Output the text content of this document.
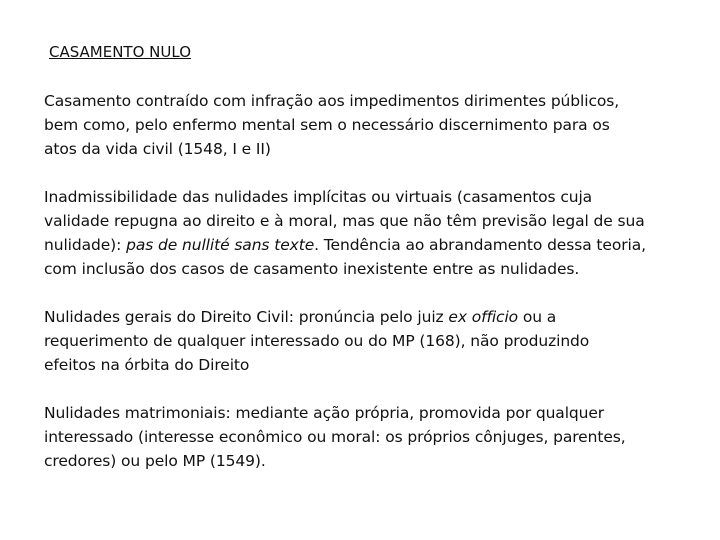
CASAMENTO NULO

Casamento contraído com infração aos impedimentos dirimentes públicos,
bem como, pelo enfermo mental sem o necessário discernimento para os
atos da vida civil (1548, I e II)

Inadmissibilidade das nulidades implícitas ou virtuais (casamentos cuja
validade repugna ao direito e à moral, mas que não têm previsão legal de sua
nulidade): pas de nullité sans texte. Tendência ao abrandamento dessa teoria,
com inclusão dos casos de casamento inexistente entre as nulidades.

Nulidades gerais do Direito Civil: pronúncia pelo juiz ex officio ou a
requerimento de qualquer interessado ou do MP (168), não produzindo
efeitos na órbita do Direito

Nulidades matrimoniais: mediante ação própria, promovida por qualquer
interessado (interesse econômico ou moral: os próprios cônjuges, parentes,
credores) ou pelo MP (1549).
